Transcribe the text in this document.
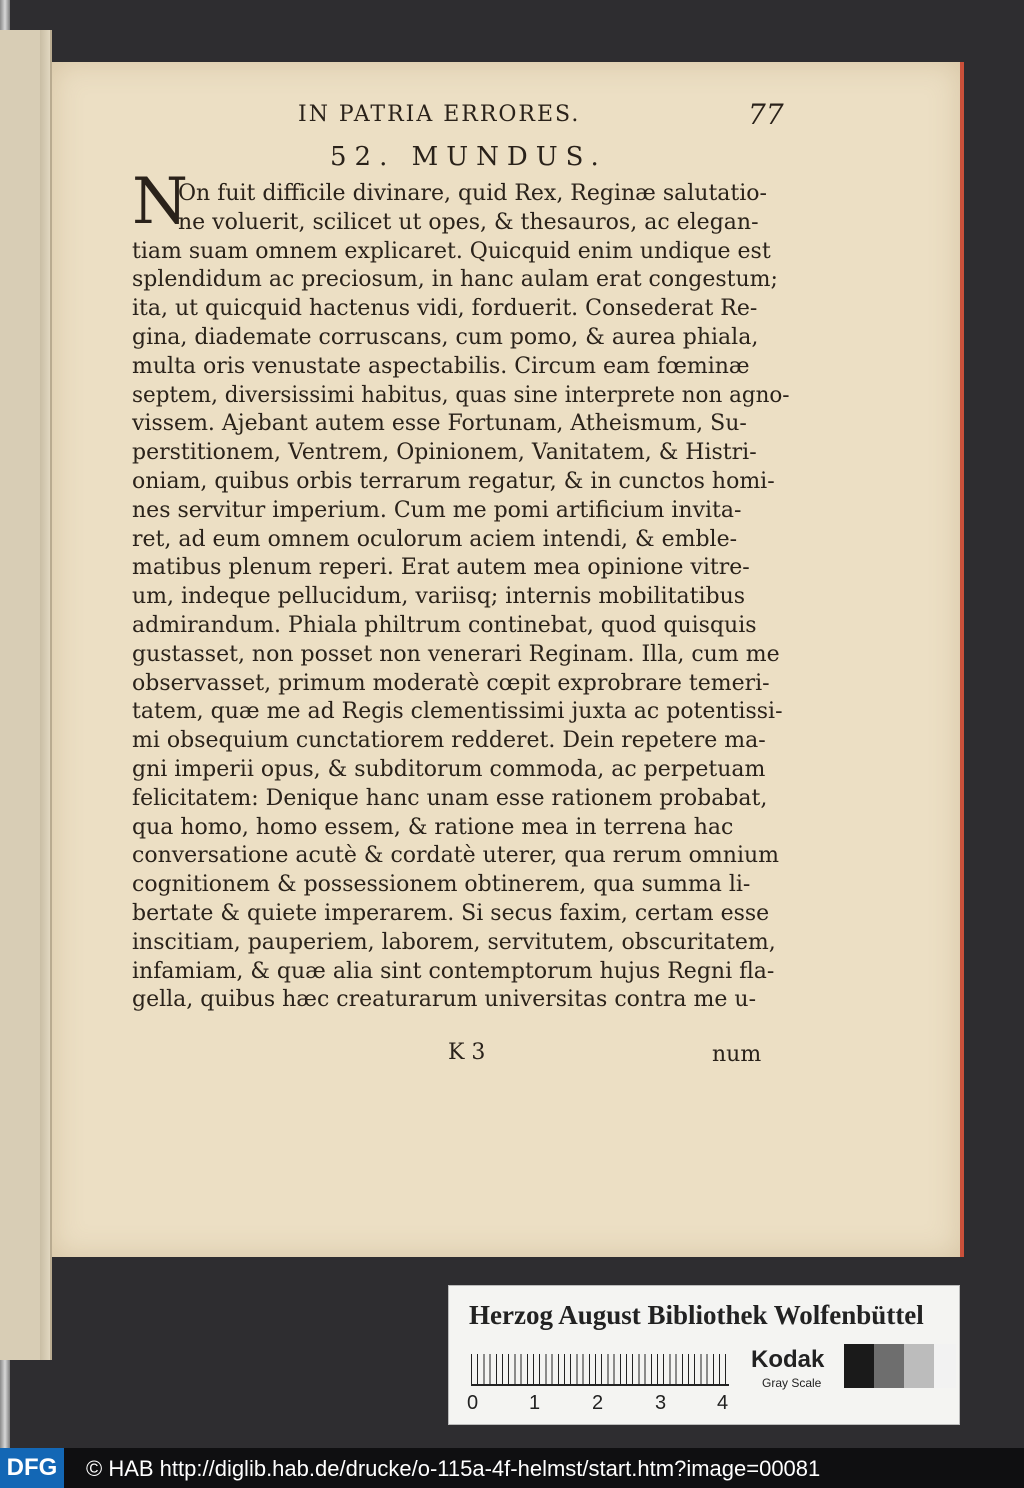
IN PATRIA ERRORES.	77
52. MUNDUS.
N
On fuit difficile divinare, quid Rex, Reginæ salutatio-
ne voluerit, scilicet ut opes, & thesauros, ac elegan-
tiam suam omnem explicaret. Quicquid enim undique est
splendidum ac preciosum, in hanc aulam erat congestum;
ita, ut quicquid hactenus vidi, forduerit. Consederat Re-
gina, diademate corruscans, cum pomo, & aurea phiala,
multa oris venustate aspectabilis. Circum eam fœminæ
septem, diversissimi habitus, quas sine interprete non agno-
vissem. Ajebant autem esse Fortunam, Atheismum, Su-
perstitionem, Ventrem, Opinionem, Vanitatem, & Histri-
oniam, quibus orbis terrarum regatur, & in cunctos homi-
nes servitur imperium. Cum me pomi artificium invita-
ret, ad eum omnem oculorum aciem intendi, & emble-
matibus plenum reperi. Erat autem mea opinione vitre-
um, indeque pellucidum, variisq; internis mobilitatibus
admirandum. Phiala philtrum continebat, quod quisquis
gustasset, non posset non venerari Reginam. Illa, cum me
observasset, primum moderatè cœpit exprobrare temeri-
tatem, quæ me ad Regis clementissimi juxta ac potentissi-
mi obsequium cunctatiorem redderet. Dein repetere ma-
gni imperii opus, & subditorum commoda, ac perpetuam
felicitatem: Denique hanc unam esse rationem probabat,
qua homo, homo essem, & ratione mea in terrena hac
conversatione acutè & cordatè uterer, qua rerum omnium
cognitionem & possessionem obtinerem, qua summa li-
bertate & quiete imperarem. Si secus faxim, certam esse
inscitiam, pauperiem, laborem, servitutem, obscuritatem,
infamiam, & quæ alia sint contemptorum hujus Regni fla-
gella, quibus hæc creaturarum universitas contra me u-
K 3	num
Herzog August Bibliothek Wolfenbüttel
0	1	2	3	4
Kodak
Gray Scale
DFG	© HAB http://diglib.hab.de/drucke/o-115a-4f-helmst/start.htm?image=00081
